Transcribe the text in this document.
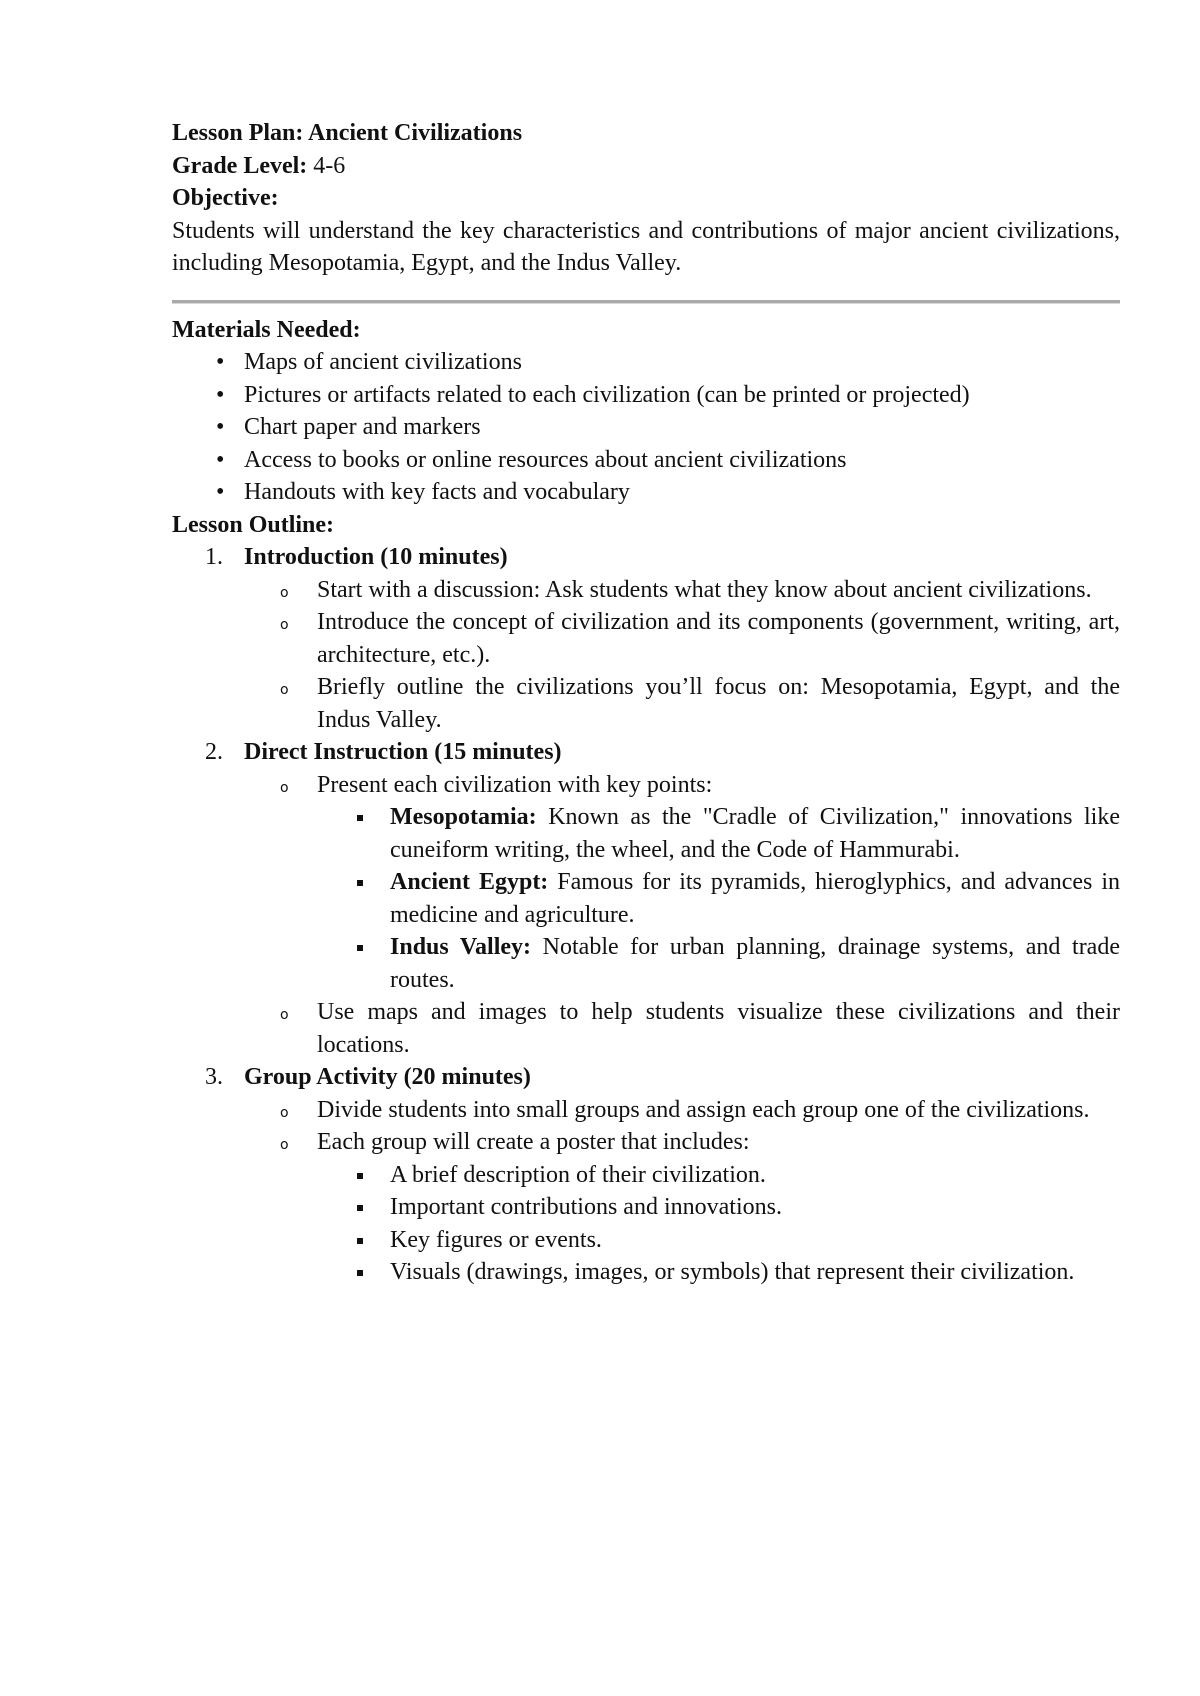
Lesson Plan: Ancient Civilizations
Grade Level: 4-6
Objective:
Students will understand the key characteristics and contributions of major ancient civilizations, including Mesopotamia, Egypt, and the Indus Valley.
Materials Needed:
• Maps of ancient civilizations
• Pictures or artifacts related to each civilization (can be printed or projected)
• Chart paper and markers
• Access to books or online resources about ancient civilizations
• Handouts with key facts and vocabulary
Lesson Outline:
1. Introduction (10 minutes)
o Start with a discussion: Ask students what they know about ancient civilizations.
o Introduce the concept of civilization and its components (government, writing, art, architecture, etc.).
o Briefly outline the civilizations you’ll focus on: Mesopotamia, Egypt, and the Indus Valley.
2. Direct Instruction (15 minutes)
o Present each civilization with key points:
Mesopotamia: Known as the "Cradle of Civilization," innovations like cuneiform writing, the wheel, and the Code of Hammurabi.
Ancient Egypt: Famous for its pyramids, hieroglyphics, and advances in medicine and agriculture.
Indus Valley: Notable for urban planning, drainage systems, and trade routes.
o Use maps and images to help students visualize these civilizations and their locations.
3. Group Activity (20 minutes)
o Divide students into small groups and assign each group one of the civilizations.
o Each group will create a poster that includes:
A brief description of their civilization.
Important contributions and innovations.
Key figures or events.
Visuals (drawings, images, or symbols) that represent their civilization.
